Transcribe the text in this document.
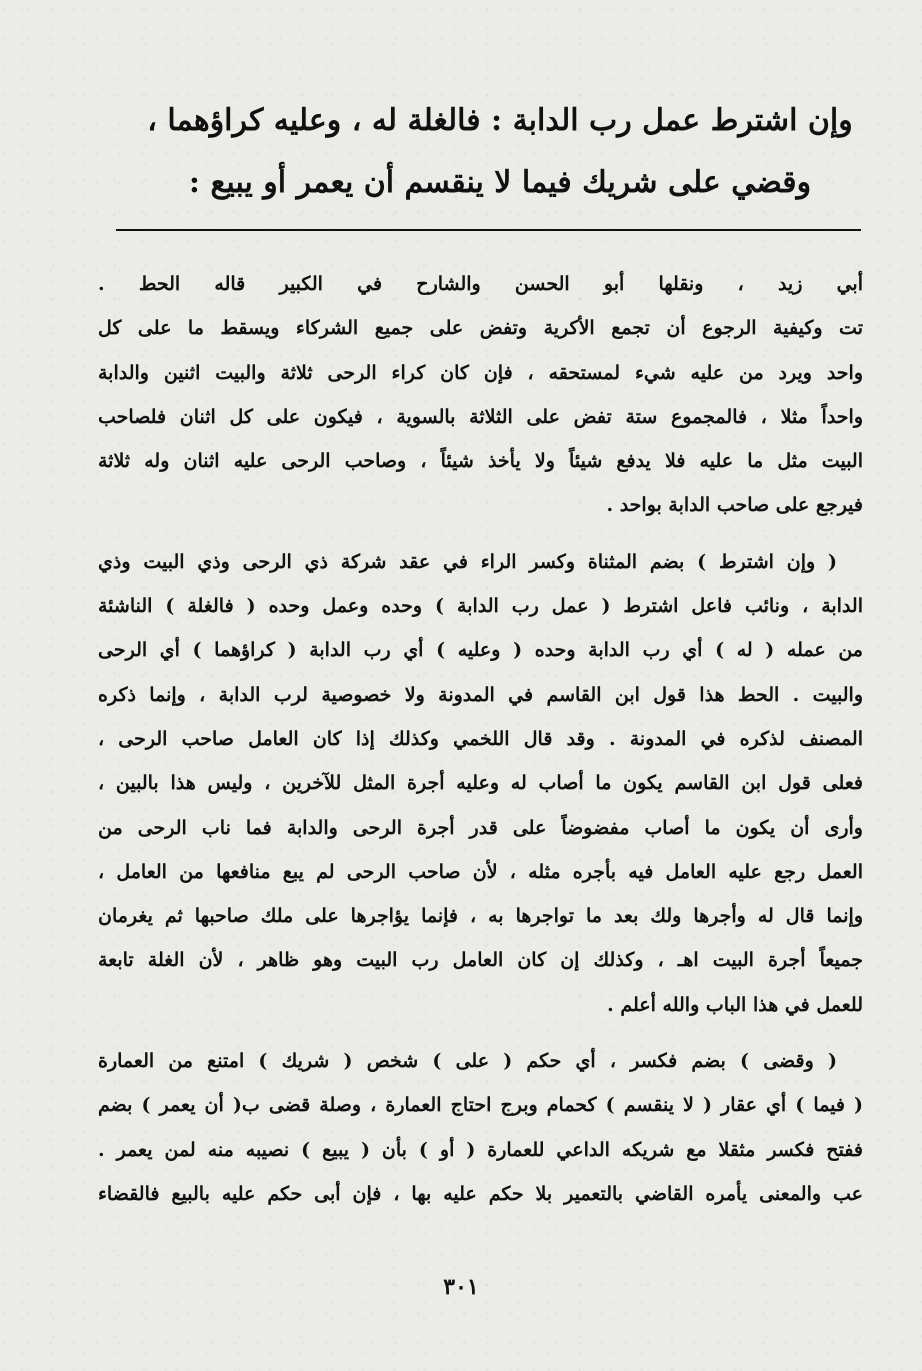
وإن اشترط عمل رب الدابة : فالغلة له ، وعليه كراؤهما ،
وقضي على شريك فيما لا ينقسم أن يعمر أو يبيع :
أبي زيد ، ونقلها أبو الحسن والشارح في الكبير قاله الحط .
تت وكيفية الرجوع أن تجمع الأكرية وتفض على جميع الشركاء ويسقط ما على كل
واحد ويرد من عليه شيء لمستحقه ، فإن كان كراء الرحى ثلاثة والبيت اثنين والدابة
واحداً مثلا ، فالمجموع ستة تفض على الثلاثة بالسوية ، فيكون على كل اثنان فلصاحب
البيت مثل ما عليه فلا يدفع شيئاً ولا يأخذ شيئاً ، وصاحب الرحى عليه اثنان وله ثلاثة
فيرجع على صاحب الدابة بواحد .
( وإن اشترط ) بضم المثناة وكسر الراء في عقد شركة ذي الرحى وذي البيت وذي
الدابة ، ونائب فاعل اشترط ( عمل رب الدابة ) وحده وعمل وحده ( فالغلة ) الناشئة
من عمله ( له ) أي رب الدابة وحده ( وعليه ) أي رب الدابة ( كراؤهما ) أي الرحى
والبيت . الحط هذا قول ابن القاسم في المدونة ولا خصوصية لرب الدابة ، وإنما ذكره
المصنف لذكره في المدونة . وقد قال اللخمي وكذلك إذا كان العامل صاحب الرحى ،
فعلى قول ابن القاسم يكون ما أصاب له وعليه أجرة المثل للآخرين ، وليس هذا بالبين ،
وأرى أن يكون ما أصاب مفضوضاً على قدر أجرة الرحى والدابة فما ناب الرحى من
العمل رجع عليه العامل فيه بأجره مثله ، لأن صاحب الرحى لم يبع منافعها من العامل ،
وإنما قال له وأجرها ولك بعد ما تواجرها به ، فإنما يؤاجرها على ملك صاحبها ثم يغرمان
جميعاً أجرة البيت اهـ ، وكذلك إن كان العامل رب البيت وهو ظاهر ، لأن الغلة تابعة
للعمل في هذا الباب والله أعلم .
( وقضى ) بضم فكسر ، أي حكم ( على ) شخص ( شريك ) امتنع من العمارة
( فيما ) أي عقار ( لا ينقسم ) كحمام وبرج احتاج العمارة ، وصلة قضى ب( أن يعمر ) بضم
ففتح فكسر مثقلا مع شريكه الداعي للعمارة ( أو ) بأن ( يبيع ) نصيبه منه لمن يعمر .
عب والمعنى يأمره القاضي بالتعمير بلا حكم عليه بها ، فإن أبى حكم عليه بالبيع فالقضاء
٣٠١
